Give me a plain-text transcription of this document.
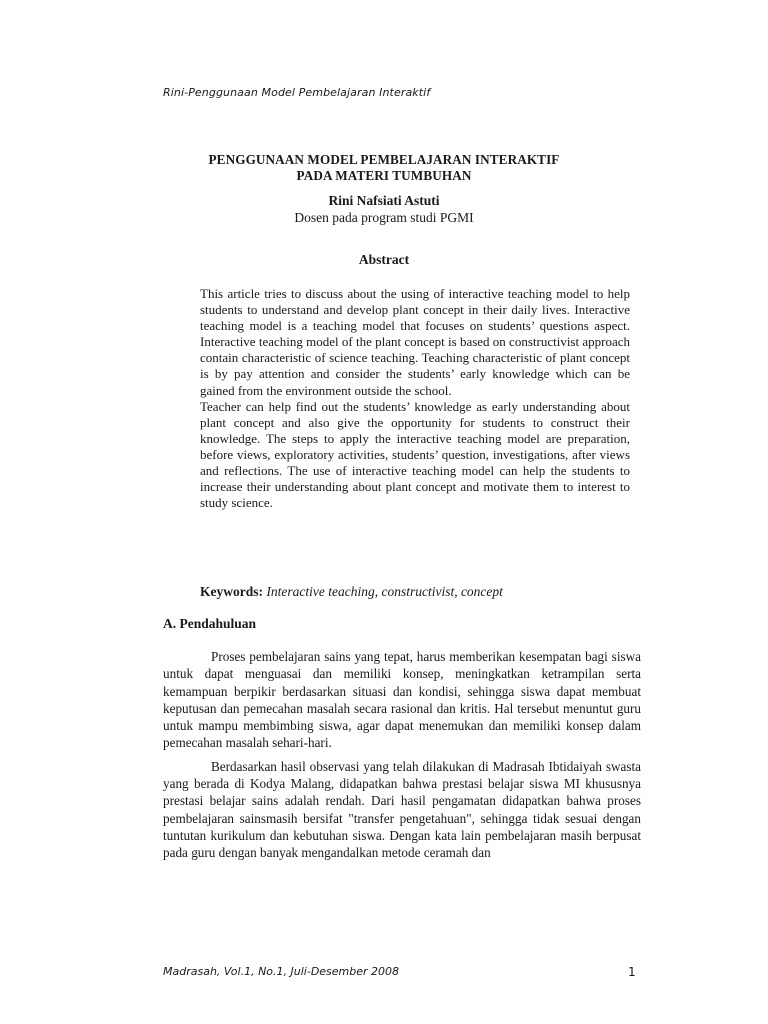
Rini-Penggunaan Model Pembelajaran Interaktif
PENGGUNAAN MODEL PEMBELAJARAN INTERAKTIF
PADA MATERI TUMBUHAN
Rini Nafsiati Astuti
Dosen pada program studi PGMI
Abstract

This article tries to discuss about the using of interactive teaching model to help students to understand and develop plant concept in their daily lives. Interactive teaching model is a teaching model that focuses on students’ questions aspect. Interactive teaching model of the plant concept is based on constructivist approach contain characteristic of science teaching. Teaching characteristic of plant concept is by pay attention and consider the students’ early knowledge which can be gained from the environment outside the school.

Teacher can help find out the students’ knowledge as early understanding about plant concept and also give the opportunity for students to construct their knowledge. The steps to apply the interactive teaching model are preparation, before views, exploratory activities, students’ question, investigations, after views and reflections. The use of interactive teaching model can help the students to increase their understanding about plant concept and motivate them to interest to study science.

Keywords: Interactive teaching, constructivist, concept
A. Pendahuluan

Proses pembelajaran sains yang tepat, harus memberikan kesempatan bagi siswa untuk dapat menguasai dan memiliki konsep, meningkatkan ketrampilan serta kemampuan berpikir berdasarkan situasi dan kondisi, sehingga siswa dapat membuat keputusan dan pemecahan masalah secara rasional dan kritis. Hal tersebut menuntut guru untuk mampu membimbing siswa, agar dapat menemukan dan memiliki konsep dalam pemecahan masalah sehari-hari.

Berdasarkan hasil observasi yang telah dilakukan di Madrasah Ibtidaiyah swasta yang berada di Kodya Malang, didapatkan bahwa prestasi belajar siswa MI khususnya prestasi belajar sains adalah rendah. Dari hasil pengamatan didapatkan bahwa proses pembelajaran sainsmasih bersifat "transfer pengetahuan", sehingga tidak sesuai dengan tuntutan kurikulum dan kebutuhan siswa. Dengan kata lain pembelajaran masih berpusat pada guru dengan banyak mengandalkan metode ceramah dan

Madrasah, Vol.1, No.1, Juli-Desember 2008	1
